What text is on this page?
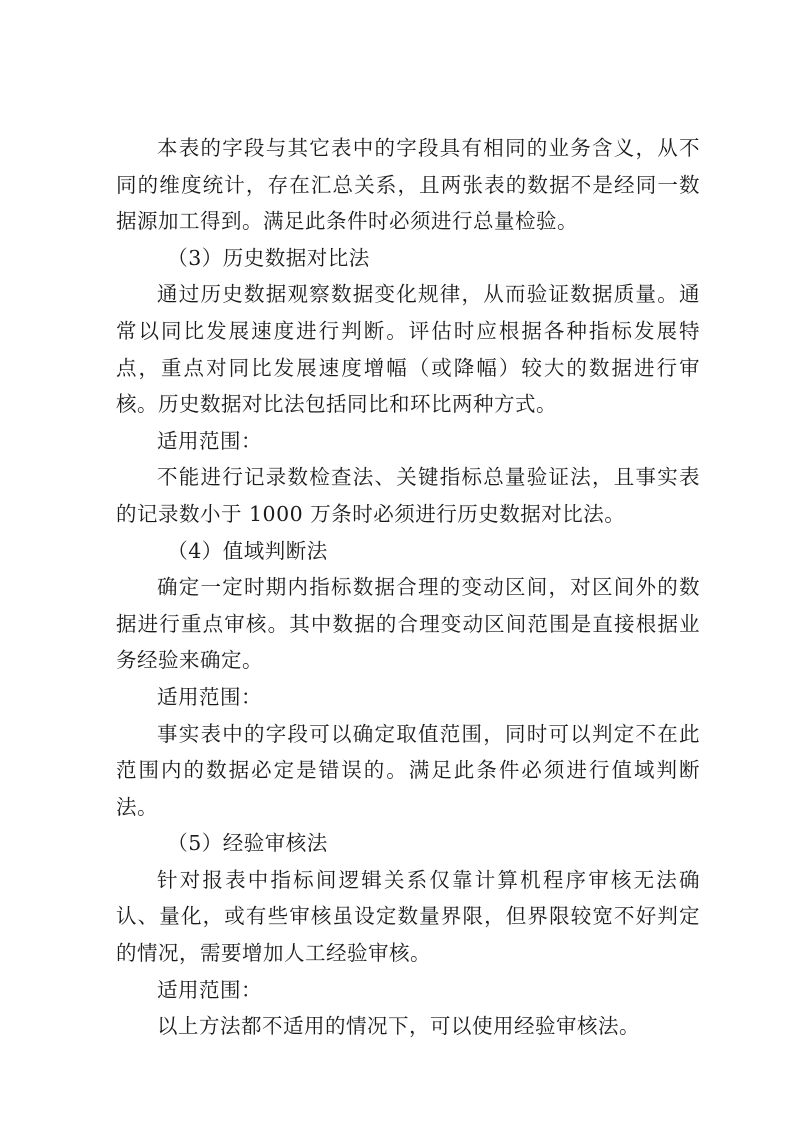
本表的字段与其它表中的字段具有相同的业务含义，从不同的维度统计，存在汇总关系，且两张表的数据不是经同一数据源加工得到。满足此条件时必须进行总量检验。

（3）历史数据对比法

通过历史数据观察数据变化规律，从而验证数据质量。通常以同比发展速度进行判断。评估时应根据各种指标发展特点，重点对同比发展速度增幅（或降幅）较大的数据进行审核。历史数据对比法包括同比和环比两种方式。

适用范围：

不能进行记录数检查法、关键指标总量验证法，且事实表的记录数小于 1000 万条时必须进行历史数据对比法。

（4）值域判断法

确定一定时期内指标数据合理的变动区间，对区间外的数据进行重点审核。其中数据的合理变动区间范围是直接根据业务经验来确定。

适用范围：

事实表中的字段可以确定取值范围，同时可以判定不在此范围内的数据必定是错误的。满足此条件必须进行值域判断法。

（5）经验审核法

针对报表中指标间逻辑关系仅靠计算机程序审核无法确认、量化，或有些审核虽设定数量界限，但界限较宽不好判定的情况，需要增加人工经验审核。

适用范围：

以上方法都不适用的情况下，可以使用经验审核法。
